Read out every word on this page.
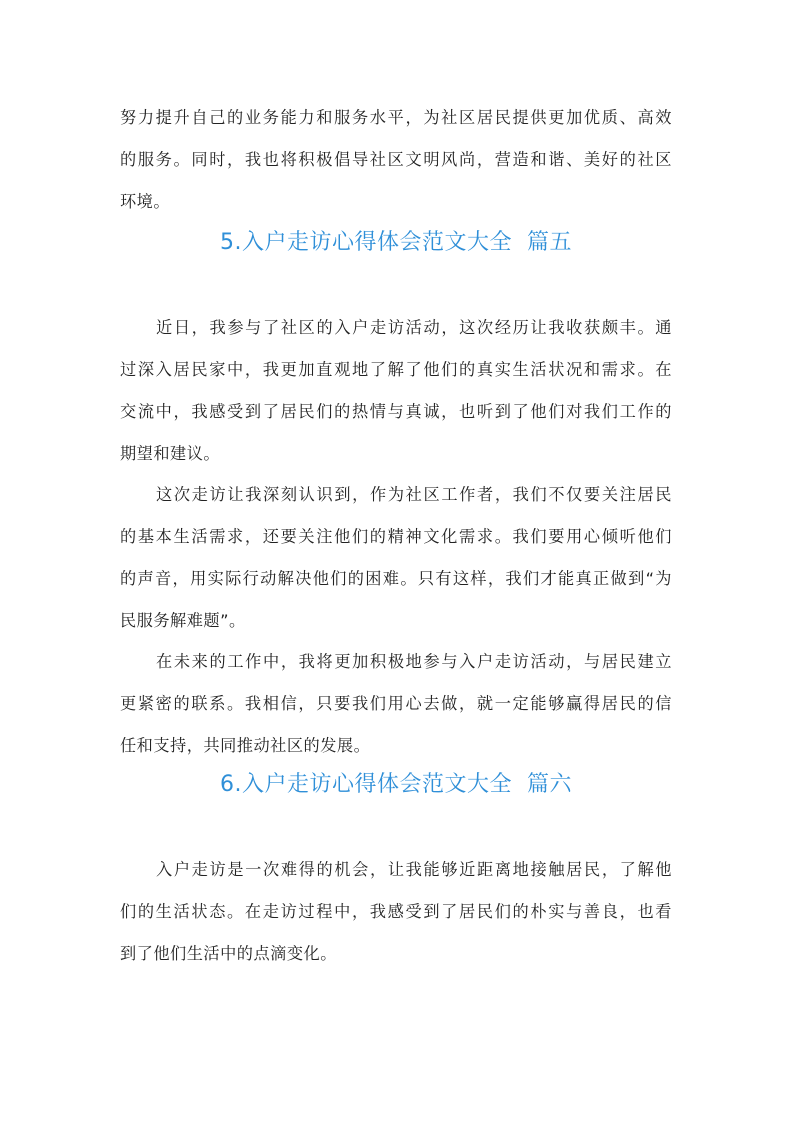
努力提升自己的业务能力和服务水平，为社区居民提供更加优质、高效
的服务。同时，我也将积极倡导社区文明风尚，营造和谐、美好的社区
环境。
5.入户走访心得体会范文大全  篇五
近日，我参与了社区的入户走访活动，这次经历让我收获颇丰。通
过深入居民家中，我更加直观地了解了他们的真实生活状况和需求。在
交流中，我感受到了居民们的热情与真诚，也听到了他们对我们工作的
期望和建议。
这次走访让我深刻认识到，作为社区工作者，我们不仅要关注居民
的基本生活需求，还要关注他们的精神文化需求。我们要用心倾听他们
的声音，用实际行动解决他们的困难。只有这样，我们才能真正做到“为
民服务解难题”。
在未来的工作中，我将更加积极地参与入户走访活动，与居民建立
更紧密的联系。我相信，只要我们用心去做，就一定能够赢得居民的信
任和支持，共同推动社区的发展。
6.入户走访心得体会范文大全  篇六
入户走访是一次难得的机会，让我能够近距离地接触居民，了解他
们的生活状态。在走访过程中，我感受到了居民们的朴实与善良，也看
到了他们生活中的点滴变化。
